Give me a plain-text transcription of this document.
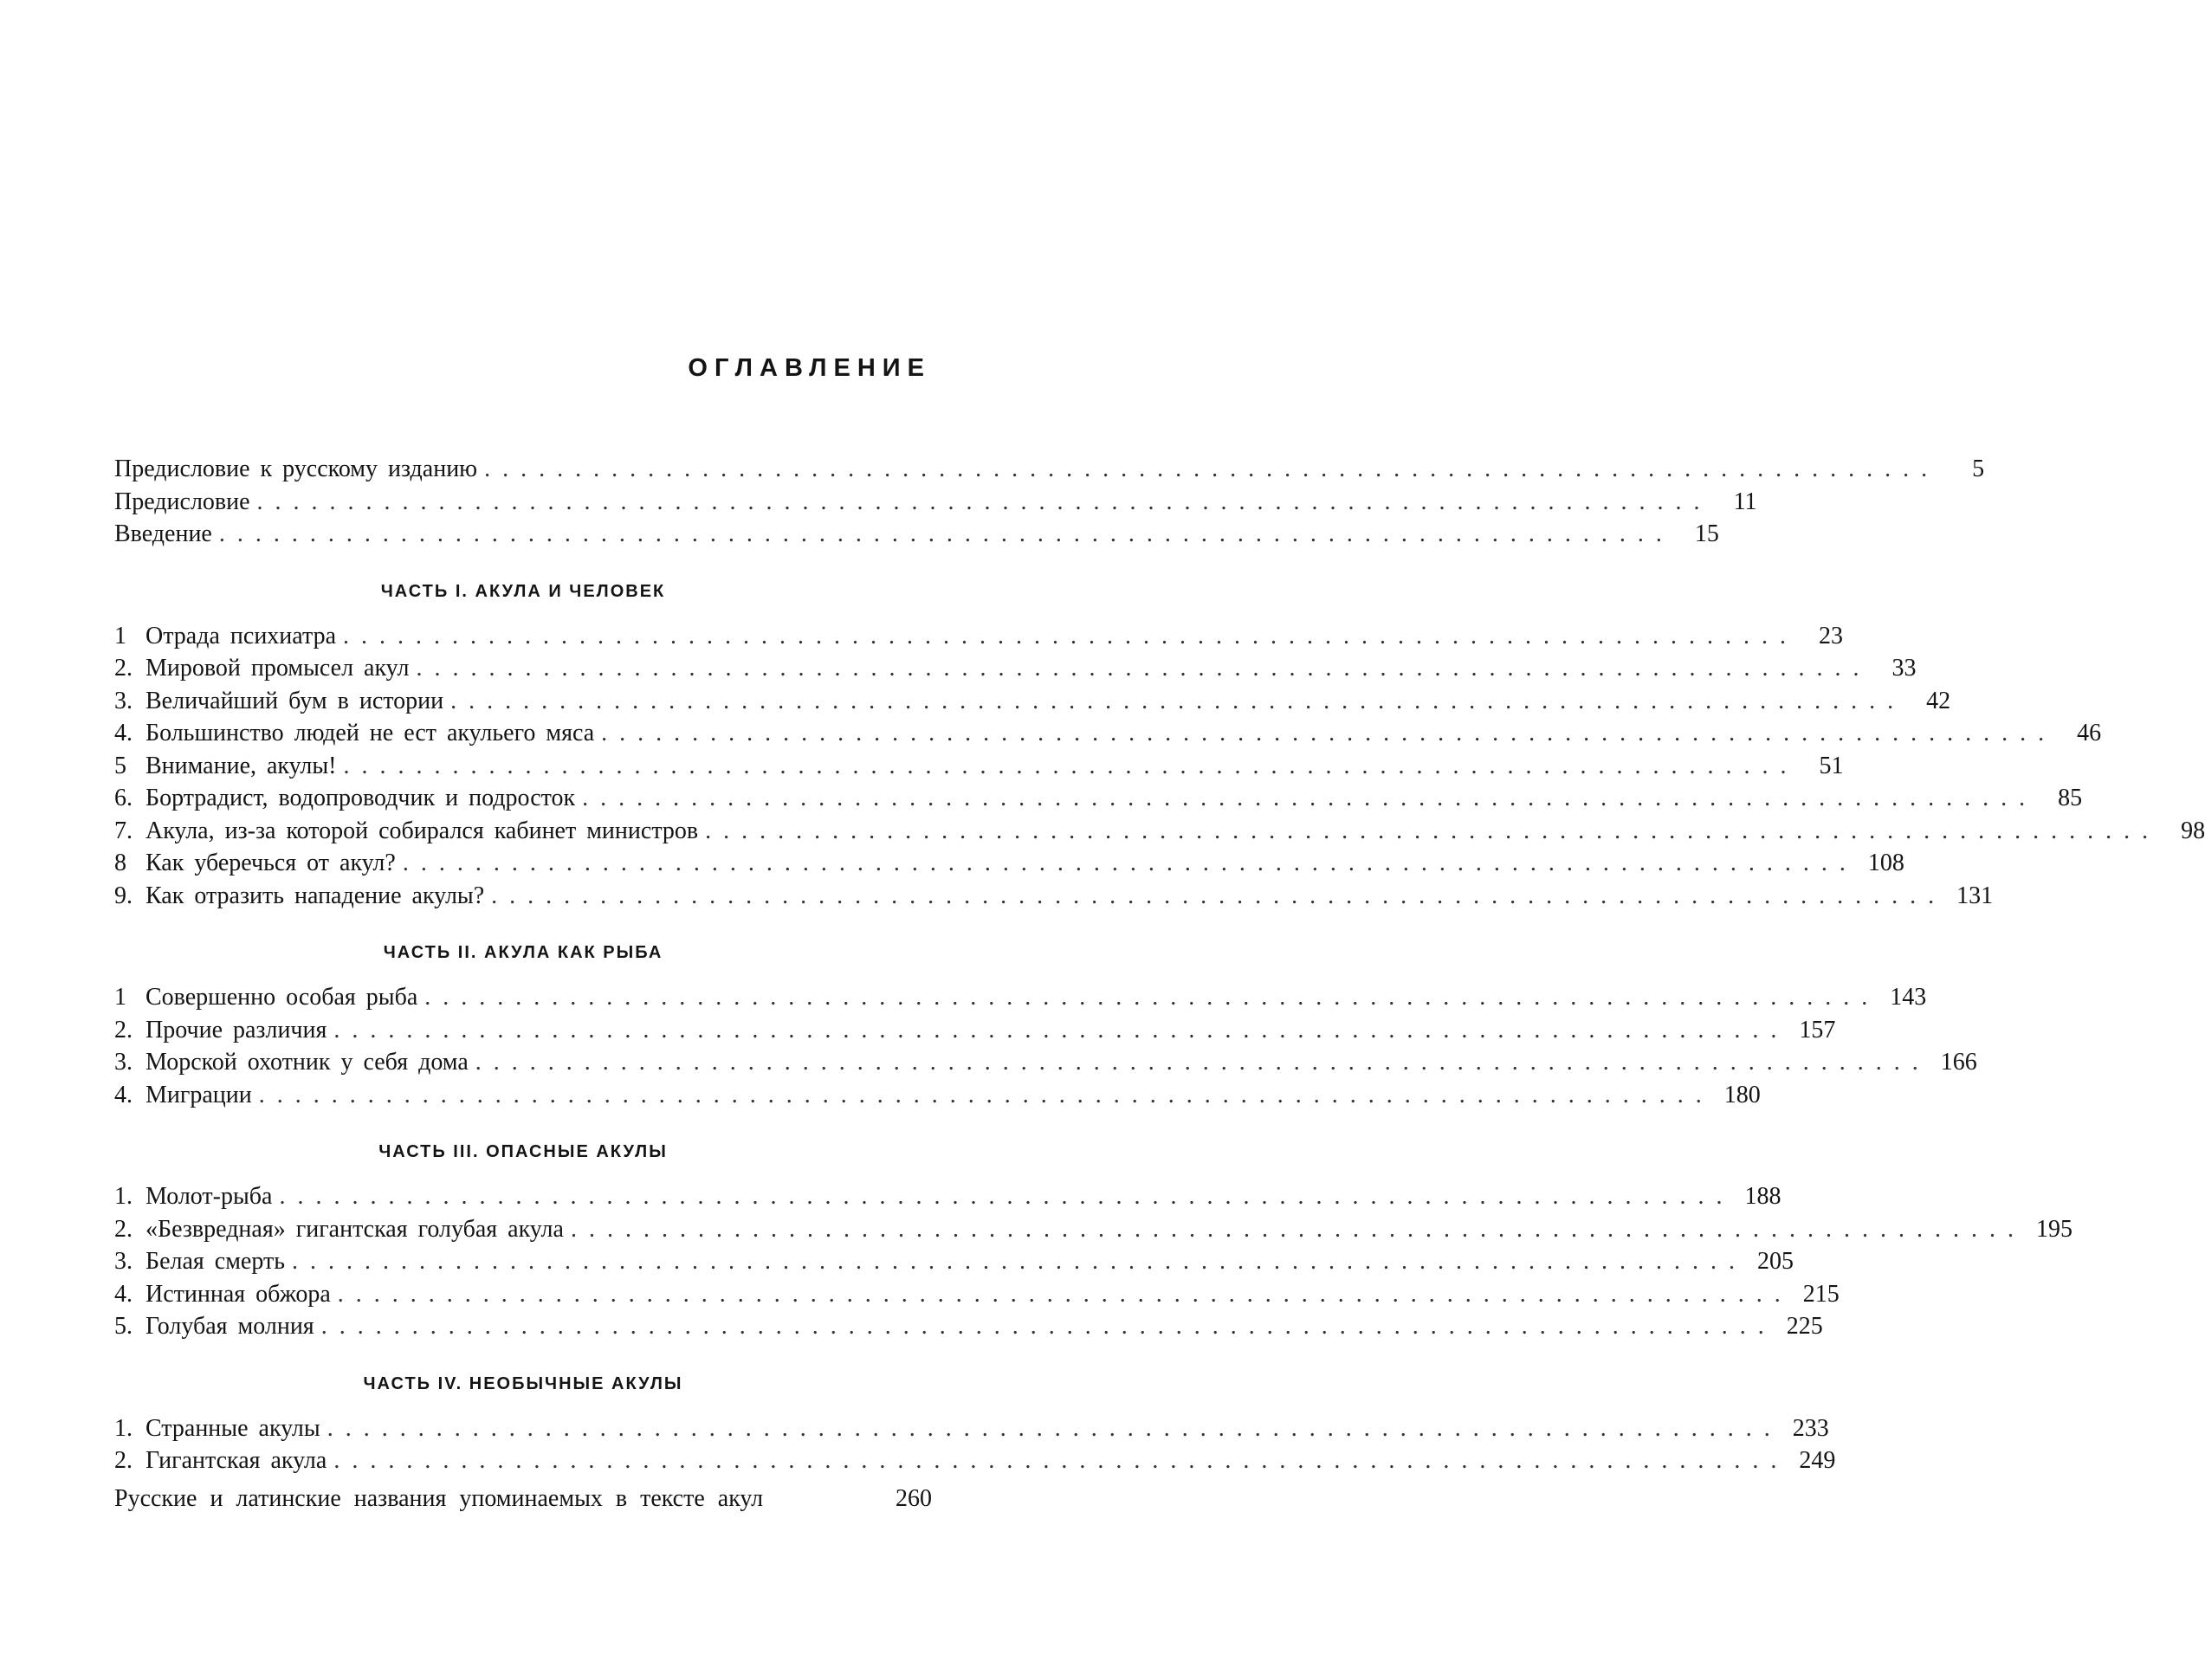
ОГЛАВЛЕНИЕ
Предисловие к русскому изданию ................................................................................	5
Предисловие ................................................................................ 11
Введение ................................................................................ 15
ЧАСТЬ I. АКУЛА И ЧЕЛОВЕК
1 Отрада психиатра ................................................................................ 23
2. Мировой промысел акул ................................................................................ 33
3. Величайший бум в истории ................................................................................ 42
4. Большинство людей не ест акульего мяса ................................................................................ 46
5 Внимание, акулы! ................................................................................ 51
6. Бортрадист, водопроводчик и подросток ................................................................................ 85
7. Акула, из-за которой собирался кабинет министров ................................................................................ 98
8 Как уберечься от акул? ................................................................................ 108
9. Как отразить нападение акулы? ................................................................................ 131
ЧАСТЬ II. АКУЛА КАК РЫБА
1 Совершенно особая рыба ................................................................................ 143
2. Прочие различия ................................................................................ 157
3. Морской охотник у себя дома ................................................................................ 166
4. Миграции ................................................................................ 180
ЧАСТЬ III. ОПАСНЫЕ АКУЛЫ
1. Молот-рыба ................................................................................ 188
2. «Безвредная» гигантская голубая акула ................................................................................ 195
3. Белая смерть ................................................................................ 205
4. Истинная обжора ................................................................................ 215
5. Голубая молния ................................................................................ 225
ЧАСТЬ IV. НЕОБЫЧНЫЕ АКУЛЫ
1. Странные акулы ................................................................................ 233
2. Гигантская акула ................................................................................ 249
Русские и латинские названия упоминаемых в тексте акул	260
